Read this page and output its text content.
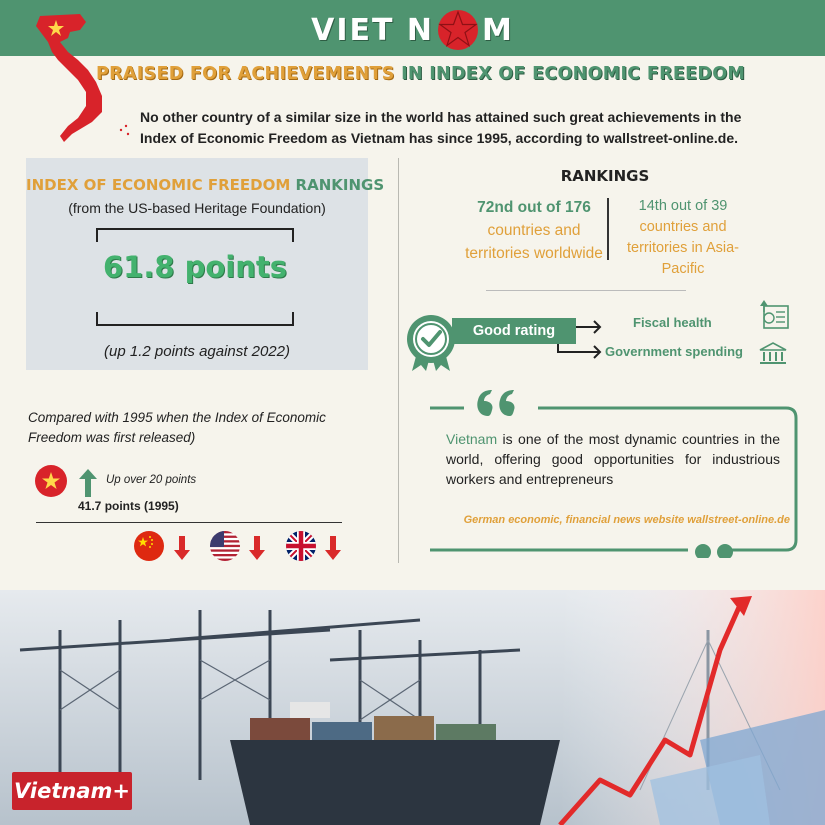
VIET N M
PRAISED FOR ACHIEVEMENTS IN INDEX OF ECONOMIC FREEDOM
No other country of a similar size in the world has attained such great achievements in the Index of Economic Freedom as Vietnam has since 1995, according to wallstreet-online.de.
INDEX OF ECONOMIC FREEDOM RANKINGS
(from the US-based Heritage Foundation)
61.8 points
(up 1.2 points against 2022)
Compared with 1995 when the Index of Economic Freedom was first released)
Up over 20 points
41.7 points (1995)
RANKINGS
72nd out of 176
countries and territories worldwide
14th out of 39
countries and territories in Asia-Pacific
Good rating
Fiscal health
Government spending
Vietnam is one of the most dynamic countries in the world, offering good opportunities for industrious workers and entrepreneurs
German economic, financial news website wallstreet-online.de
Vietnam+
